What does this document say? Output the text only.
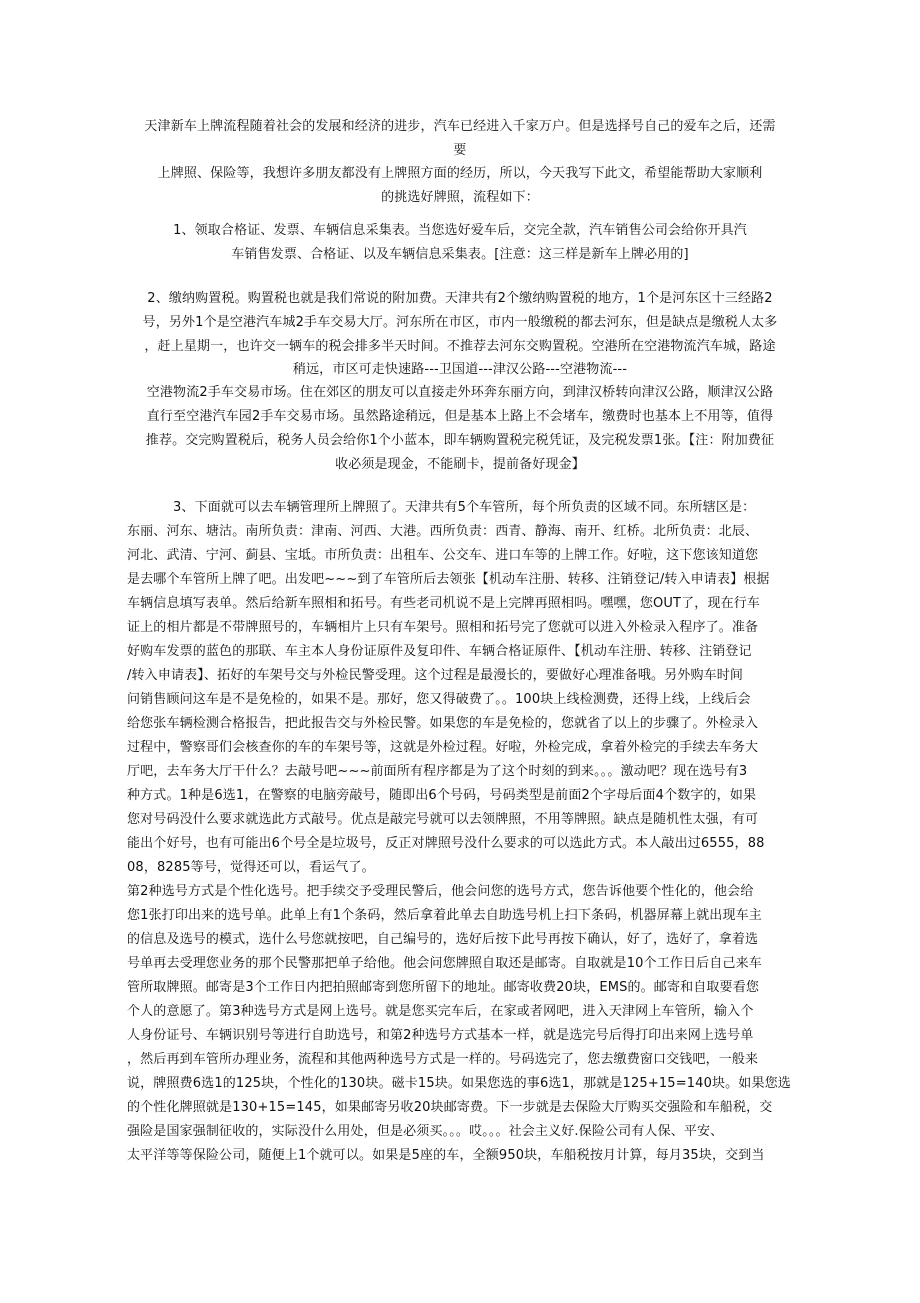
天津新车上牌流程随着社会的发展和经济的进步，汽车已经进入千家万户。但是选择号自己的爱车之后，还需
要
上牌照、保险等，我想许多朋友都没有上牌照方面的经历，所以，今天我写下此文，希望能帮助大家顺利
的挑选好牌照，流程如下：
1、领取合格证、发票、车辆信息采集表。当您选好爱车后，交完全款，汽车销售公司会给你开具汽
车销售发票、合格证、以及车辆信息采集表。[注意：这三样是新车上牌必用的]
2、缴纳购置税。购置税也就是我们常说的附加费。天津共有2个缴纳购置税的地方，1个是河东区十三经路2
号，另外1个是空港汽车城2手车交易大厅。河东所在市区，市内一般缴税的都去河东，但是缺点是缴税人太多
，赶上星期一，也许交一辆车的税会排多半天时间。不推荐去河东交购置税。空港所在空港物流汽车城，路途
稍远，市区可走快速路---卫国道---津汉公路---空港物流---
空港物流2手车交易市场。住在郊区的朋友可以直接走外环奔东丽方向，到津汉桥转向津汉公路，顺津汉公路
直行至空港汽车园2手车交易市场。虽然路途稍远，但是基本上路上不会堵车，缴费时也基本上不用等，值得
推荐。交完购置税后，税务人员会给你1个小蓝本，即车辆购置税完税凭证，及完税发票1张。【注：附加费征
收必须是现金，不能刷卡，提前备好现金】
3、下面就可以去车辆管理所上牌照了。天津共有5个车管所，每个所负责的区域不同。东所辖区是：
东丽、河东、塘沽。南所负责：津南、河西、大港。西所负责：西青、静海、南开、红桥。北所负责：北辰、
河北、武清、宁河、蓟县、宝坻。市所负责：出租车、公交车、进口车等的上牌工作。好啦，这下您该知道您
是去哪个车管所上牌了吧。出发吧~~~到了车管所后去领张【机动车注册、转移、注销登记/转入申请表】根据
车辆信息填写表单。然后给新车照相和拓号。有些老司机说不是上完牌再照相吗。嘿嘿，您OUT了，现在行车
证上的相片都是不带牌照号的，车辆相片上只有车架号。照相和拓号完了您就可以进入外检录入程序了。准备
好购车发票的蓝色的那联、车主本人身份证原件及复印件、车辆合格证原件、【机动车注册、转移、注销登记
/转入申请表】、拓好的车架号交与外检民警受理。这个过程是最漫长的，要做好心理准备哦。另外购车时间
问销售顾问这车是不是免检的，如果不是。那好，您又得破费了。。100块上线检测费，还得上线，上线后会
给您张车辆检测合格报告，把此报告交与外检民警。如果您的车是免检的，您就省了以上的步骤了。外检录入
过程中，警察哥们会核查你的车的车架号等，这就是外检过程。好啦，外检完成，拿着外检完的手续去车务大
厅吧，去车务大厅干什么？去敲号吧~~~前面所有程序都是为了这个时刻的到来。。。激动吧？现在选号有3
种方式。1种是6选1，在警察的电脑旁敲号，随即出6个号码，号码类型是前面2个字母后面4个数字的，如果
您对号码没什么要求就选此方式敲号。优点是敲完号就可以去领牌照，不用等牌照。缺点是随机性太强，有可
能出个好号，也有可能出6个号全是垃圾号，反正对牌照号没什么要求的可以选此方式。本人敲出过6555，88
08，8285等号，觉得还可以，看运气了。
第2种选号方式是个性化选号。把手续交予受理民警后，他会问您的选号方式，您告诉他要个性化的，他会给
您1张打印出来的选号单。此单上有1个条码，然后拿着此单去自助选号机上扫下条码，机器屏幕上就出现车主
的信息及选号的模式，选什么号您就按吧，自己编号的，选好后按下此号再按下确认，好了，选好了，拿着选
号单再去受理您业务的那个民警那把单子给他。他会问您牌照自取还是邮寄。自取就是10个工作日后自己来车
管所取牌照。邮寄是3个工作日内把拍照邮寄到您所留下的地址。邮寄收费20块，EMS的。邮寄和自取要看您
个人的意愿了。第3种选号方式是网上选号。就是您买完车后，在家或者网吧，进入天津网上车管所，输入个
人身份证号、车辆识别号等进行自助选号，和第2种选号方式基本一样，就是选完号后得打印出来网上选号单
，然后再到车管所办理业务，流程和其他两种选号方式是一样的。号码选完了，您去缴费窗口交钱吧，一般来
说，牌照费6选1的125块，个性化的130块。磁卡15块。如果您选的事6选1，那就是125+15=140块。如果您选
的个性化牌照就是130+15=145，如果邮寄另收20块邮寄费。下一步就是去保险大厅购买交强险和车船税，交
强险是国家强制征收的，实际没什么用处，但是必须买。。。哎。。。社会主义好.保险公司有人保、平安、
太平洋等等保险公司，随便上1个就可以。如果是5座的车，全额950块，车船税按月计算，每月35块，交到当
